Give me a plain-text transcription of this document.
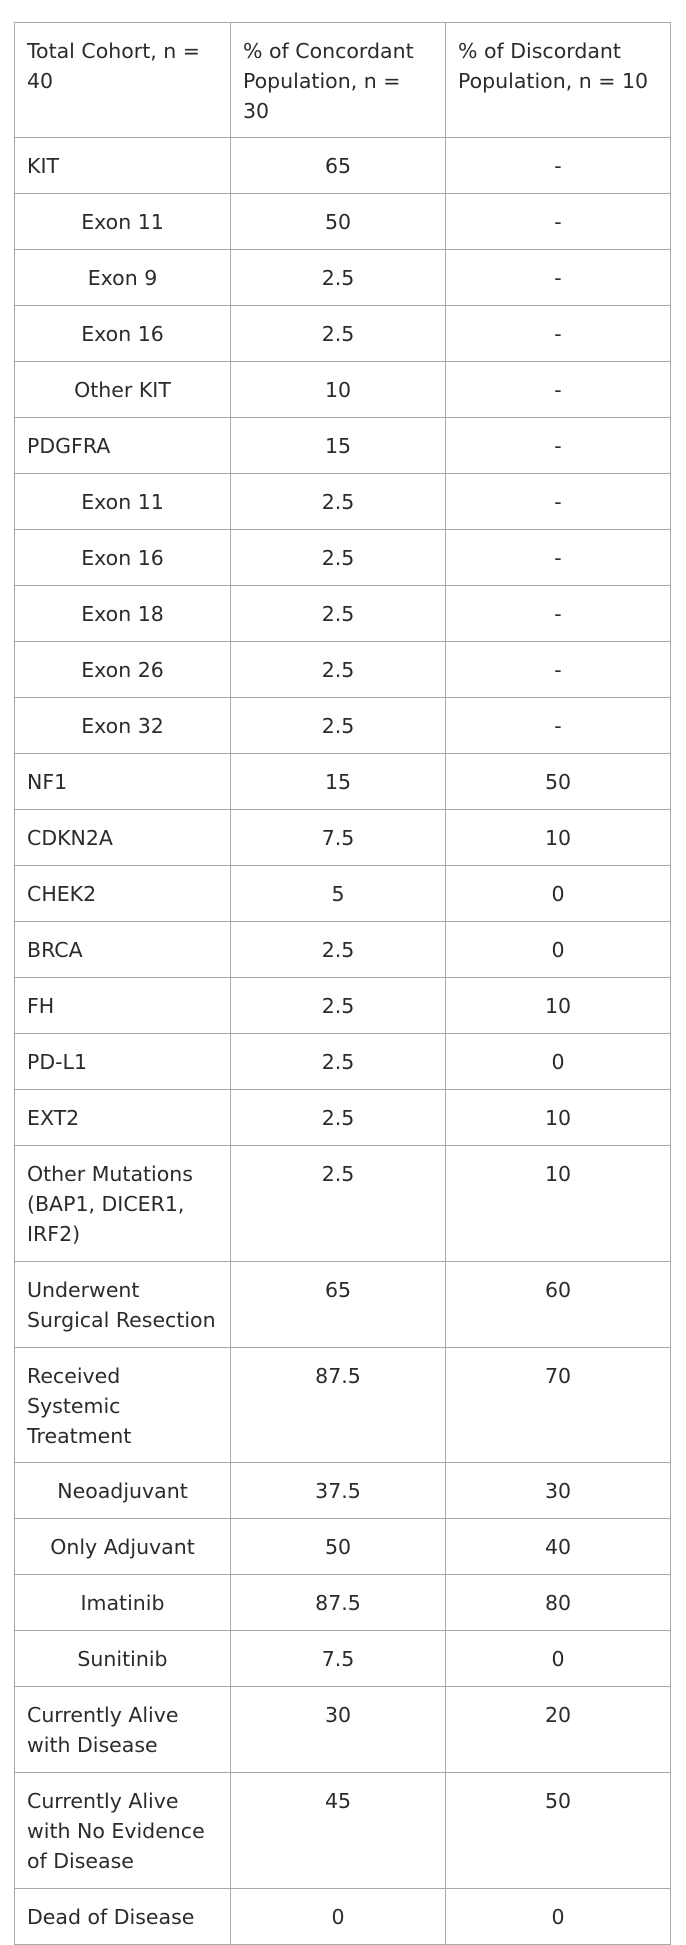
Total Cohort, n = 40	% of Concordant Population, n = 30	% of Discordant Population, n = 10
KIT	65	-
Exon 11	50	-
Exon 9	2.5	-
Exon 16	2.5	-
Other KIT	10	-
PDGFRA	15	-
Exon 11	2.5	-
Exon 16	2.5	-
Exon 18	2.5	-
Exon 26	2.5	-
Exon 32	2.5	-
NF1	15	50
CDKN2A	7.5	10
CHEK2	5	0
BRCA	2.5	0
FH	2.5	10
PD-L1	2.5	0
EXT2	2.5	10
Other Mutations (BAP1, DICER1, IRF2)	2.5	10
Underwent Surgical Resection	65	60
Received Systemic Treatment	87.5	70
Neoadjuvant	37.5	30
Only Adjuvant	50	40
Imatinib	87.5	80
Sunitinib	7.5	0
Currently Alive with Disease	30	20
Currently Alive with No Evidence of Disease	45	50
Dead of Disease	0	0
